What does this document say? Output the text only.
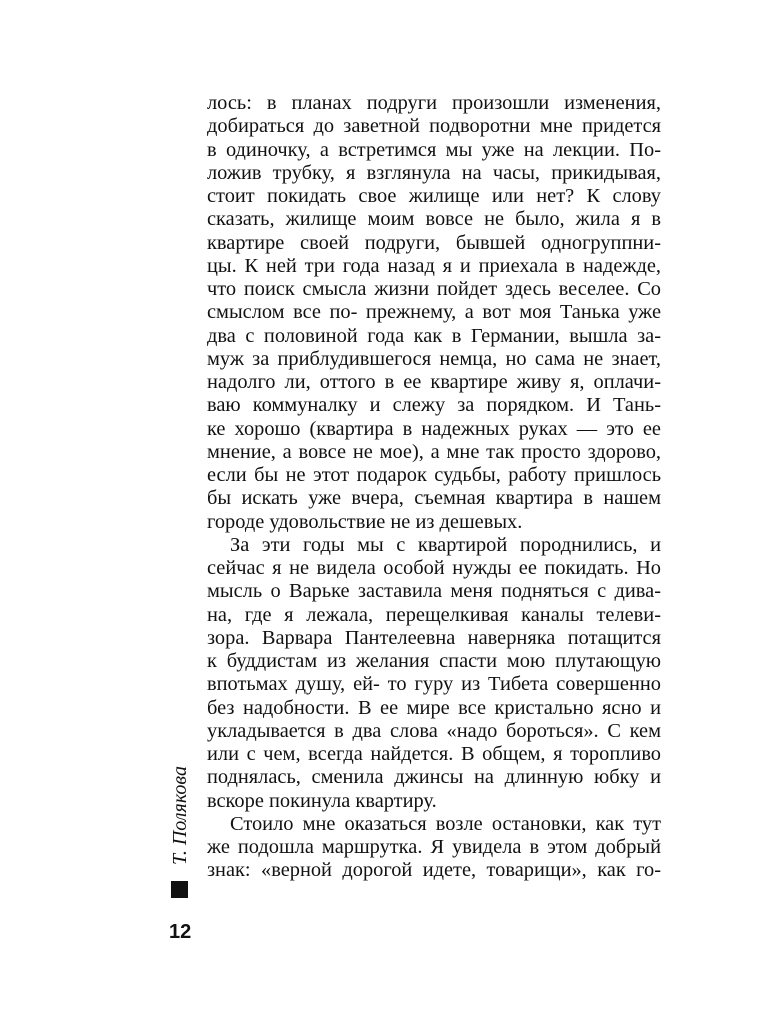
лось: в планах подруги произошли изменения,
добираться до заветной подворотни мне придется
в одиночку, а встретимся мы уже на лекции. По-
ложив трубку, я взглянула на часы, прикидывая,
стоит покидать свое жилище или нет? К слову
сказать, жилище моим вовсе не было, жила я в
квартире своей подруги, бывшей одногруппни-
цы. К ней три года назад я и приехала в надежде,
что поиск смысла жизни пойдет здесь веселее. Со
смыслом все по- прежнему, а вот моя Танька уже
два с половиной года как в Германии, вышла за-
муж за приблудившегося немца, но сама не знает,
надолго ли, оттого в ее квартире живу я, оплачи-
ваю коммуналку и слежу за порядком. И Тань-
ке хорошо (квартира в надежных руках — это ее
мнение, а вовсе не мое), а мне так просто здорово,
если бы не этот подарок судьбы, работу пришлось
бы искать уже вчера, съемная квартира в нашем
городе удовольствие не из дешевых.
За эти годы мы с квартирой породнились, и
сейчас я не видела особой нужды ее покидать. Но
мысль о Варьке заставила меня подняться с дива-
на, где я лежала, перещелкивая каналы телеви-
зора. Варвара Пантелеевна наверняка потащится
к буддистам из желания спасти мою плутающую
впотьмах душу, ей- то гуру из Тибета совершенно
без надобности. В ее мире все кристально ясно и
укладывается в два слова «надо бороться». С кем
или с чем, всегда найдется. В общем, я торопливо
поднялась, сменила джинсы на длинную юбку и
вскоре покинула квартиру.
Стоило мне оказаться возле остановки, как тут
же подошла маршрутка. Я увидела в этом добрый
знак: «верной дорогой идете, товарищи», как го-
Т. Полякова
12
